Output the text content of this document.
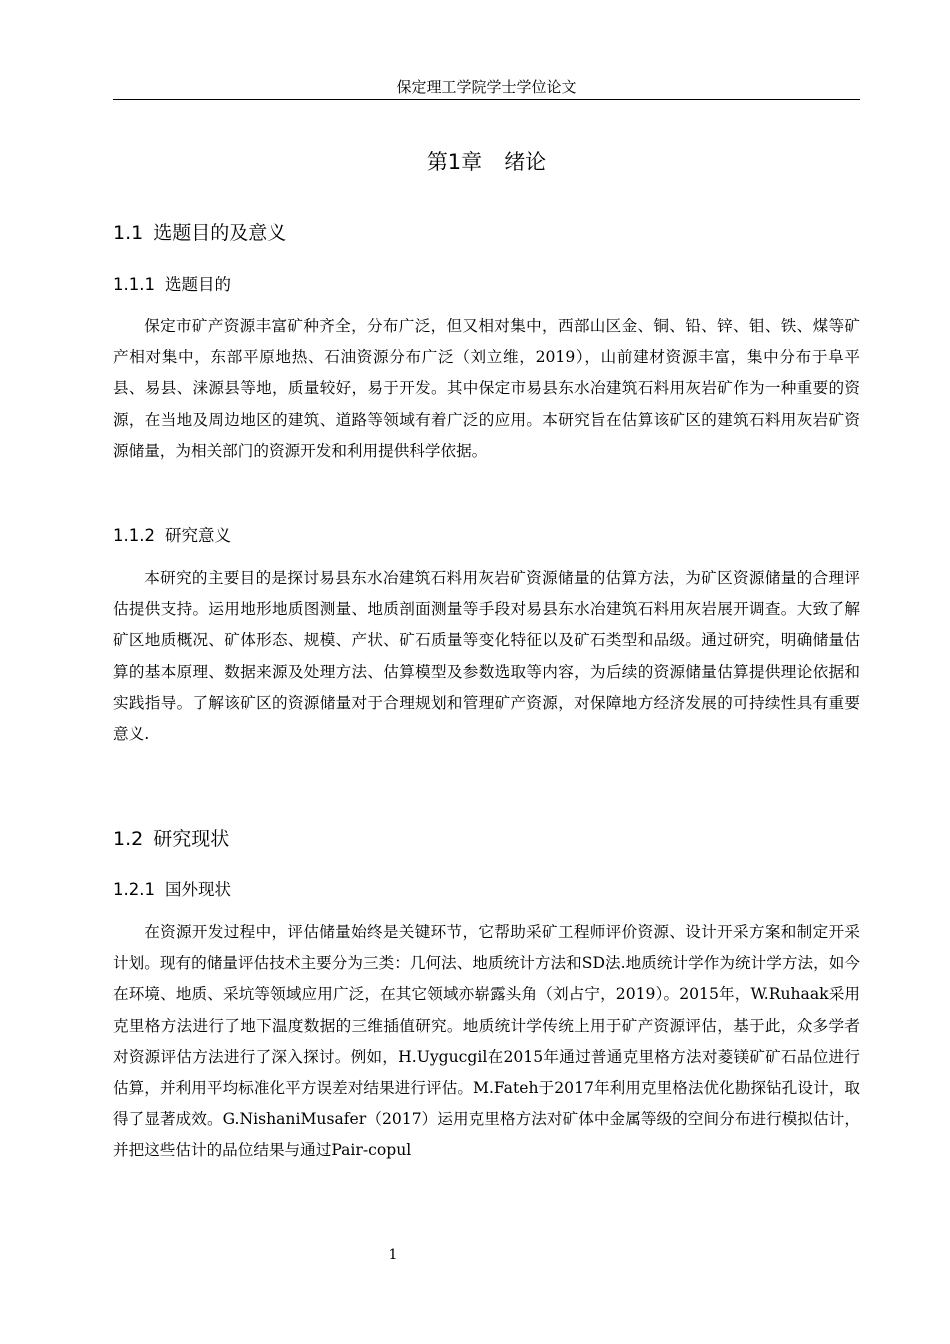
保定理工学院学士学位论文
第1章 绪论
1.1 选题目的及意义
1.1.1 选题目的

保定市矿产资源丰富矿种齐全，分布广泛，但又相对集中，西部山区金、铜、铅、锌、钼、铁、煤等矿产相对集中，东部平原地热、石油资源分布广泛（刘立维，2019），山前建材资源丰富，集中分布于阜平县、易县、涞源县等地，质量较好，易于开发。其中保定市易县东水冶建筑石料用灰岩矿作为一种重要的资源，在当地及周边地区的建筑、道路等领域有着广泛的应用。本研究旨在估算该矿区的建筑石料用灰岩矿资源储量，为相关部门的资源开发和利用提供科学依据。

1.1.2 研究意义

本研究的主要目的是探讨易县东水冶建筑石料用灰岩矿资源储量的估算方法，为矿区资源储量的合理评估提供支持。运用地形地质图测量、地质剖面测量等手段对易县东水冶建筑石料用灰岩展开调查。大致了解矿区地质概况、矿体形态、规模、产状、矿石质量等变化特征以及矿石类型和品级。通过研究，明确储量估算的基本原理、数据来源及处理方法、估算模型及参数选取等内容，为后续的资源储量估算提供理论依据和实践指导。了解该矿区的资源储量对于合理规划和管理矿产资源，对保障地方经济发展的可持续性具有重要意义.

1.2 研究现状
1.2.1 国外现状

在资源开发过程中，评估储量始终是关键环节，它帮助采矿工程师评价资源、设计开采方案和制定开采计划。现有的储量评估技术主要分为三类：几何法、地质统计方法和SD法.地质统计学作为统计学方法，如今在环境、地质、采坑等领域应用广泛，在其它领域亦崭露头角（刘占宁，2019）。2015年，W.Ruhaak采用克里格方法进行了地下温度数据的三维插值研究。地质统计学传统上用于矿产资源评估，基于此，众多学者对资源评估方法进行了深入探讨。例如，H.Uygucgil在2015年通过普通克里格方法对菱镁矿矿石品位进行估算，并利用平均标准化平方误差对结果进行评估。M.Fateh于2017年利用克里格法优化勘探钻孔设计，取得了显著成效。G.NishaniMusafer（2017）运用克里格方法对矿体中金属等级的空间分布进行模拟估计，并把这些估计的品位结果与通过Pair-copul

1
